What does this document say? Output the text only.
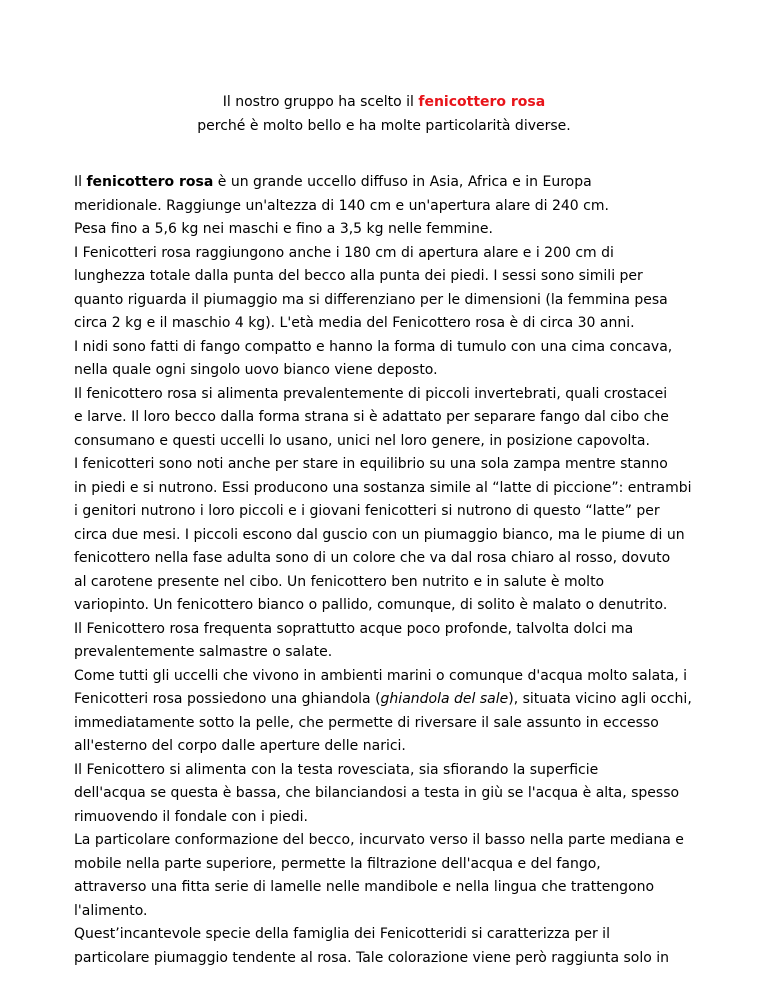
Il nostro gruppo ha scelto il fenicottero rosa
perché è molto bello e ha molte particolarità diverse.
Il fenicottero rosa è un grande uccello diffuso in Asia, Africa e in Europa
meridionale. Raggiunge un'altezza di 140 cm e un'apertura alare di 240 cm.
Pesa fino a 5,6 kg nei maschi e fino a 3,5 kg nelle femmine.
I Fenicotteri rosa raggiungono anche i 180 cm di apertura alare e i 200 cm di
lunghezza totale dalla punta del becco alla punta dei piedi. I sessi sono simili per
quanto riguarda il piumaggio ma si differenziano per le dimensioni (la femmina pesa
circa 2 kg e il maschio 4 kg). L'età media del Fenicottero rosa è di circa 30 anni.
I nidi sono fatti di fango compatto e hanno la forma di tumulo con una cima concava,
nella quale ogni singolo uovo bianco viene deposto.
Il fenicottero rosa si alimenta prevalentemente di piccoli invertebrati, quali crostacei
e larve. Il loro becco dalla forma strana si è adattato per separare fango dal cibo che
consumano e questi uccelli lo usano, unici nel loro genere, in posizione capovolta.
I fenicotteri sono noti anche per stare in equilibrio su una sola zampa mentre stanno
in piedi e si nutrono. Essi producono una sostanza simile al “latte di piccione”: entrambi
i genitori nutrono i loro piccoli e i giovani fenicotteri si nutrono di questo “latte” per
circa due mesi. I piccoli escono dal guscio con un piumaggio bianco, ma le piume di un
fenicottero nella fase adulta sono di un colore che va dal rosa chiaro al rosso, dovuto
al carotene presente nel cibo. Un fenicottero ben nutrito e in salute è molto
variopinto. Un fenicottero bianco o pallido, comunque, di solito è malato o denutrito.
Il Fenicottero rosa frequenta soprattutto acque poco profonde, talvolta dolci ma
prevalentemente salmastre o salate.
Come tutti gli uccelli che vivono in ambienti marini o comunque d'acqua molto salata, i
Fenicotteri rosa possiedono una ghiandola (ghiandola del sale), situata vicino agli occhi,
immediatamente sotto la pelle, che permette di riversare il sale assunto in eccesso
all'esterno del corpo dalle aperture delle narici.
Il Fenicottero si alimenta con la testa rovesciata, sia sfiorando la superficie
dell'acqua se questa è bassa, che bilanciandosi a testa in giù se l'acqua è alta, spesso
rimuovendo il fondale con i piedi.
La particolare conformazione del becco, incurvato verso il basso nella parte mediana e
mobile nella parte superiore, permette la filtrazione dell'acqua e del fango,
attraverso una fitta serie di lamelle nelle mandibole e nella lingua che trattengono
l'alimento.
Quest’incantevole specie della famiglia dei Fenicotteridi si caratterizza per il
particolare piumaggio tendente al rosa. Tale colorazione viene però raggiunta solo in
